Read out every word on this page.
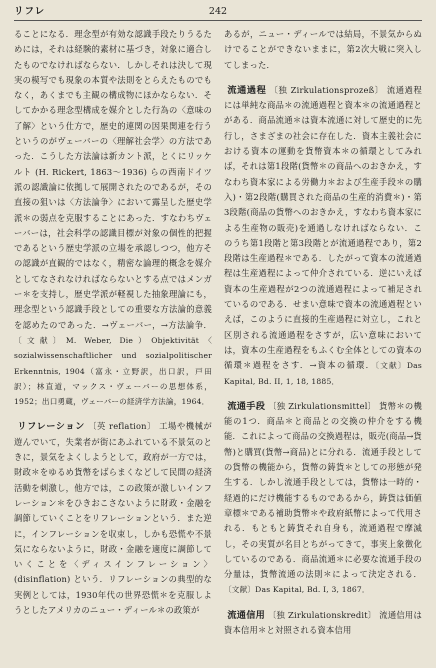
リフレ	242

ることになる．理念型が有効な認識手段たりうるためには，それは経験的素材に基づき，対象に適合したものでなければならない．しかしそれは決して現実の模写でも現象の本質や法則をとらえたものでもなく，あくまでも主観の構成物にほかならない．そしてかかる理念型構成を媒介とした行為の〈意味の了解〉という仕方で，歴史的連関の因果関連を行うというのがヴェーバーの〈理解社会学〉の方法であった．こうした方法論は新カント派，とくにリッケルト (H. Rickert, 1863～1936) らの西南ドイツ派の認識論に依拠して展開されたのであるが，その直接の狙いは〈方法論争〉において露呈した歴史学派＊の弱点を克服することにあった．すなわちヴェーバーは，社会科学の認識目標が対象の個性的把握であるという歴史学派の立場を承認しつつ，他方その認識が直観的ではなく，精密な論理的概念を媒介としてなされなければならないとする点ではメンガー＊を支持し，歴史学派が軽視した抽象理論にも，理念型という認識手段としての重要な方法論的意義を認めたのであった．→ヴェーバー，→方法論争．〔文献〕M. Weber, Die）Objektivität〈 sozialwissenschaftlicher und sozialpolitischer Erkenntnis, 1904（富永・立野訳，出口訳，戸田訳）；林直道，マックス・ヴェーバーの思想体系，1952；出口勇蔵，ヴェーバーの経済学方法論，1964．

リフレーション 〔英 reflation〕 工場や機械が遊んでいて，失業者が街にあふれている不景気のときに，景気をよくしようとして，政府が一方では，財政＊をゆるめ貨幣をばらまくなどして民間の経済活動を刺激し，他方では，この政策が激しいインフレーション＊をひきおこさないように財政・金融を調節していくことをリフレーションという．また逆に，インフレーションを収束し，しかも恐慌や不景気にならないように，財政・金融を適度に調節していくことを〈ディスインフレーション〉(disinflation) という．リフレーションの典型的な実例としては，1930年代の世界恐慌＊を克服しようとしたアメリカのニュー・ディール＊の政策が

あるが，ニュー・ディールでは結局，不景気からぬけでることができないままに，第2次大戦に突入してしまった．

流通過程 〔独 Zirkulationsprozeß〕 流通過程には単純な商品＊の流通過程と資本＊の流通過程とがある．商品流通＊は資本流通に対して歴史的に先行し，さまざまの社会に存在した．資本主義社会における資本の運動を貨幣資本＊の循環としてみれば，それは第1段階(貨幣＊の商品へのおきかえ，すなわち資本家による労働力＊および生産手段＊の購入)・第2段階(購買された商品の生産的消費＊)・第3段階(商品の貨幣へのおきかえ，すなわち資本家による生産物の販売)を通過しなければならない．このうち第1段階と第3段階とが流通過程であり，第2段階は生産過程＊である．したがって資本の流通過程は生産過程によって仲介されている．逆にいえば資本の生産過程が2つの流通過程によって補足されているのである．せまい意味で資本の流通過程といえば，このように直接的生産過程に対立し，これと区別される流通過程をさすが，広い意味においては，資本の生産過程をもふくむ全体としての資本の循環＊過程をさす．→資本の循環．〔文献〕Das Kapital, Bd. II, 1, 18, 1885．

流通手段 〔独 Zirkulationsmittel〕 貨幣＊の機能の1つ．商品＊と商品との交換の仲介をする機能．これによって商品の交換過程は，販売(商品→貨幣)と購買(貨幣→商品)とに分れる．流通手段としての貨幣の機能から，貨幣の鋳貨＊としての形態が発生する．しかし流通手段としては，貨幣は一時的・経過的にだけ機能するものであるから，鋳貨は価値章標＊である補助貨幣＊や政府紙幣によって代用される．もともと鋳貨それ自身も，流通過程で摩滅し，その実質が名目とちがってきて，事実上象徴化しているのである．商品流通＊に必要な流通手段の分量は，貨幣流通の法則＊によって決定される．〔文献〕Das Kapital, Bd. I, 3, 1867．

流通信用 〔独 Zirkulationskredit〕 流通信用は資本信用＊と対照される資本信用
